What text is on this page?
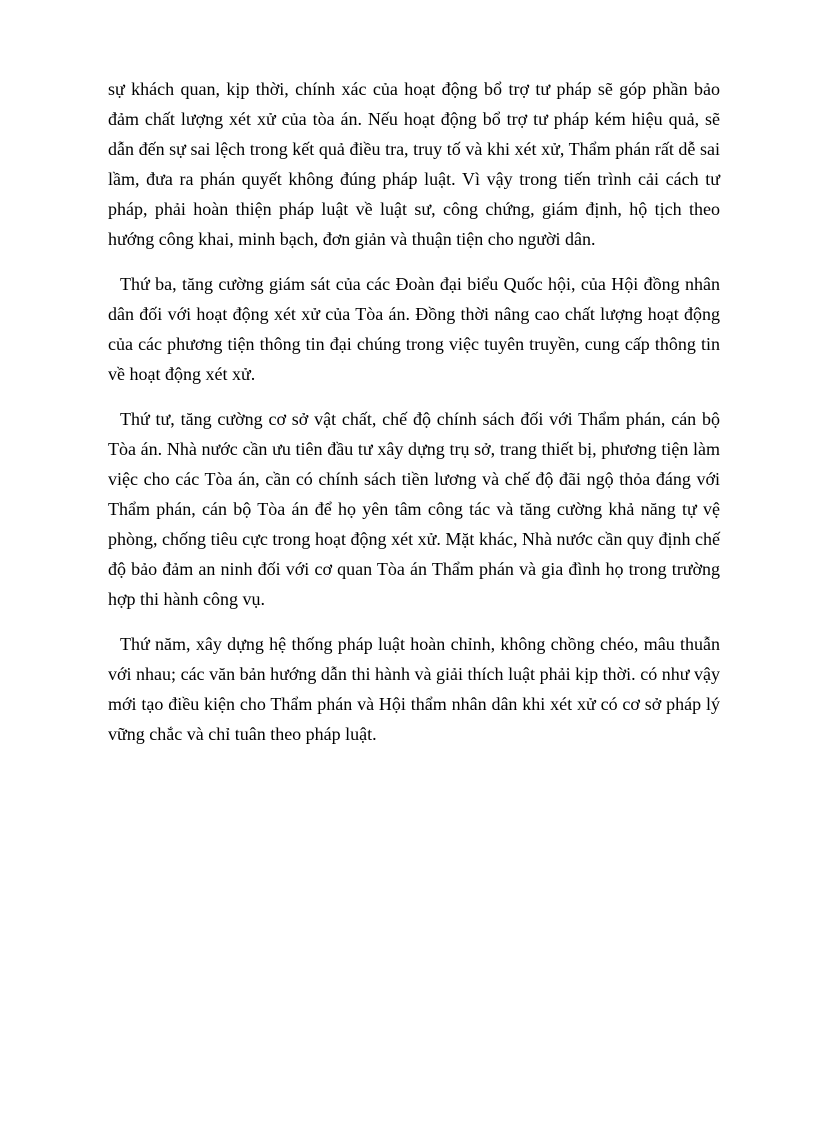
sự khách quan, kịp thời, chính xác của hoạt động bổ trợ tư pháp sẽ góp phần bảo đảm chất lượng xét xử của tòa án. Nếu hoạt động bổ trợ tư pháp kém hiệu quả, sẽ dẫn đến sự sai lệch trong kết quả điều tra, truy tố và khi xét xử, Thẩm phán rất dễ sai lầm, đưa ra phán quyết không đúng pháp luật. Vì vậy trong tiến trình cải cách tư pháp, phải hoàn thiện pháp luật về luật sư, công chứng, giám định, hộ tịch theo hướng công khai, minh bạch, đơn giản và thuận tiện cho người dân.

Thứ ba, tăng cường giám sát của các Đoàn đại biểu Quốc hội, của Hội đồng nhân dân đối với hoạt động xét xử của Tòa án. Đồng thời nâng cao chất lượng hoạt động của các phương tiện thông tin đại chúng trong việc tuyên truyền, cung cấp thông tin về hoạt động xét xử.

Thứ tư, tăng cường cơ sở vật chất, chế độ chính sách đối với Thẩm phán, cán bộ Tòa án. Nhà nước cần ưu tiên đầu tư xây dựng trụ sở, trang thiết bị, phương tiện làm việc cho các Tòa án, cần có chính sách tiền lương và chế độ đãi ngộ thỏa đáng với Thẩm phán, cán bộ Tòa án để họ yên tâm công tác và tăng cường khả năng tự vệ phòng, chống tiêu cực trong hoạt động xét xử. Mặt khác, Nhà nước cần quy định chế độ bảo đảm an ninh đối với cơ quan Tòa án Thẩm phán và gia đình họ trong trường hợp thi hành công vụ.

Thứ năm, xây dựng hệ thống pháp luật hoàn chỉnh, không chồng chéo, mâu thuẫn với nhau; các văn bản hướng dẫn thi hành và giải thích luật phải kịp thời. có như vậy mới tạo điều kiện cho Thẩm phán và Hội thẩm nhân dân khi xét xử có cơ sở pháp lý vững chắc và chỉ tuân theo pháp luật.
